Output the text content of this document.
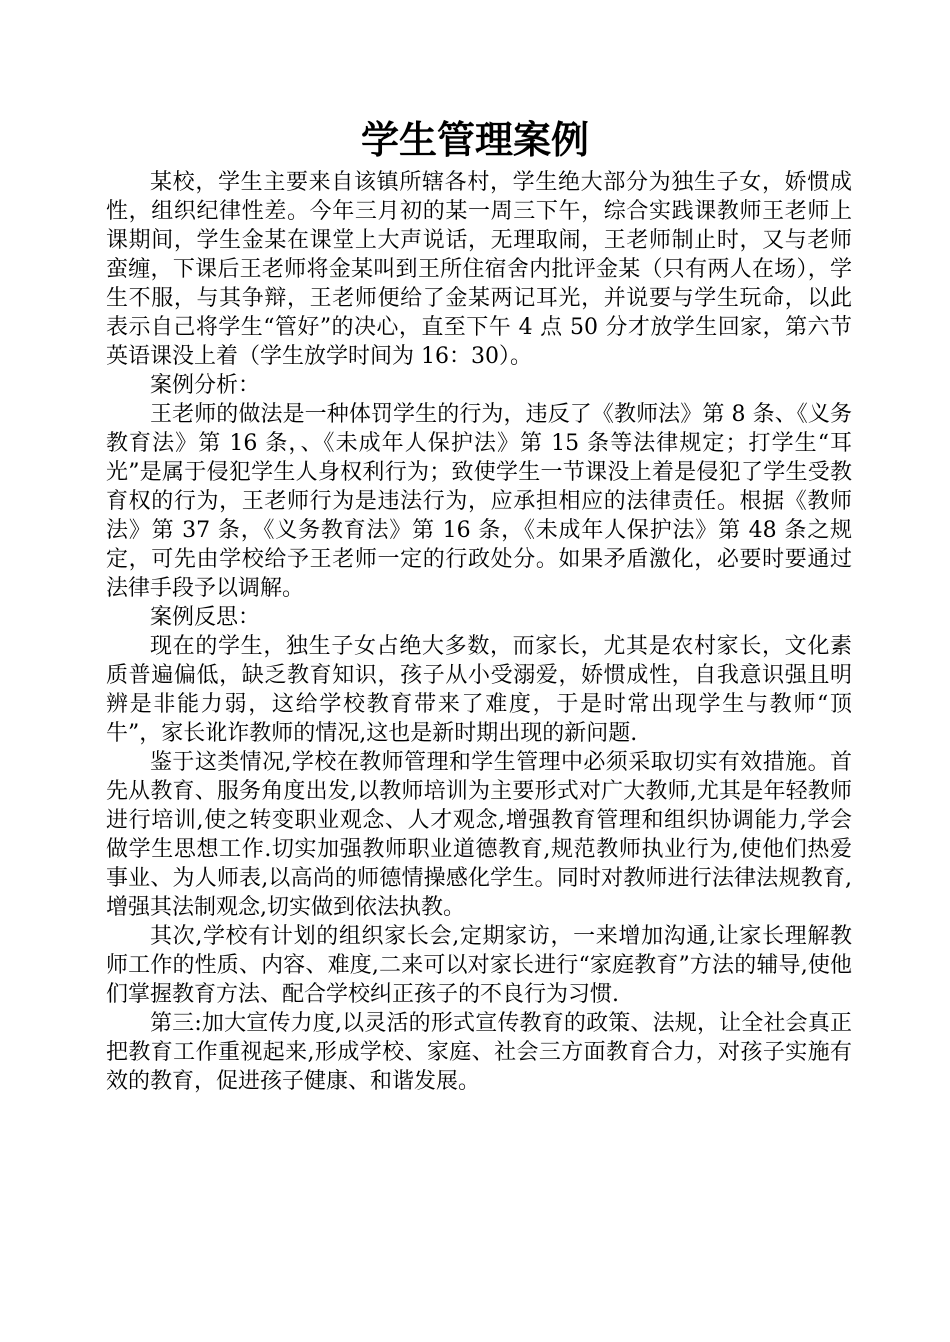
学生管理案例

某校，学生主要来自该镇所辖各村，学生绝大部分为独生子女，娇惯成性，组织纪律性差。今年三月初的某一周三下午，综合实践课教师王老师上课期间，学生金某在课堂上大声说话，无理取闹，王老师制止时，又与老师蛮缠，下课后王老师将金某叫到王所住宿舍内批评金某（只有两人在场），学生不服，与其争辩，王老师便给了金某两记耳光，并说要与学生玩命，以此表示自己将学生“管好”的决心，直至下午 4 点 50 分才放学生回家，第六节英语课没上着（学生放学时间为 16：30）。

案例分析：

王老师的做法是一种体罚学生的行为，违反了《教师法》第 8 条、《义务教育法》第 16 条，、《未成年人保护法》第 15 条等法律规定；打学生“耳光”是属于侵犯学生人身权利行为；致使学生一节课没上着是侵犯了学生受教育权的行为，王老师行为是违法行为，应承担相应的法律责任。根据《教师法》第 37 条，《义务教育法》第 16 条，《未成年人保护法》第 48 条之规定，可先由学校给予王老师一定的行政处分。如果矛盾激化，必要时要通过法律手段予以调解。

案例反思：

现在的学生，独生子女占绝大多数，而家长，尤其是农村家长，文化素质普遍偏低，缺乏教育知识，孩子从小受溺爱，娇惯成性，自我意识强且明辨是非能力弱，这给学校教育带来了难度，于是时常出现学生与教师“顶牛”，家长讹诈教师的情况,这也是新时期出现的新问题.

鉴于这类情况,学校在教师管理和学生管理中必须采取切实有效措施。首先从教育、服务角度出发,以教师培训为主要形式对广大教师,尤其是年轻教师进行培训,使之转变职业观念、人才观念,增强教育管理和组织协调能力,学会做学生思想工作.切实加强教师职业道德教育,规范教师执业行为,使他们热爱事业、为人师表,以高尚的师德情操感化学生。同时对教师进行法律法规教育,增强其法制观念,切实做到依法执教。

其次,学校有计划的组织家长会,定期家访，一来增加沟通,让家长理解教师工作的性质、内容、难度,二来可以对家长进行“家庭教育”方法的辅导,使他们掌握教育方法、配合学校纠正孩子的不良行为习惯.

第三:加大宣传力度,以灵活的形式宣传教育的政策、法规，让全社会真正把教育工作重视起来,形成学校、家庭、社会三方面教育合力，对孩子实施有效的教育，促进孩子健康、和谐发展。
